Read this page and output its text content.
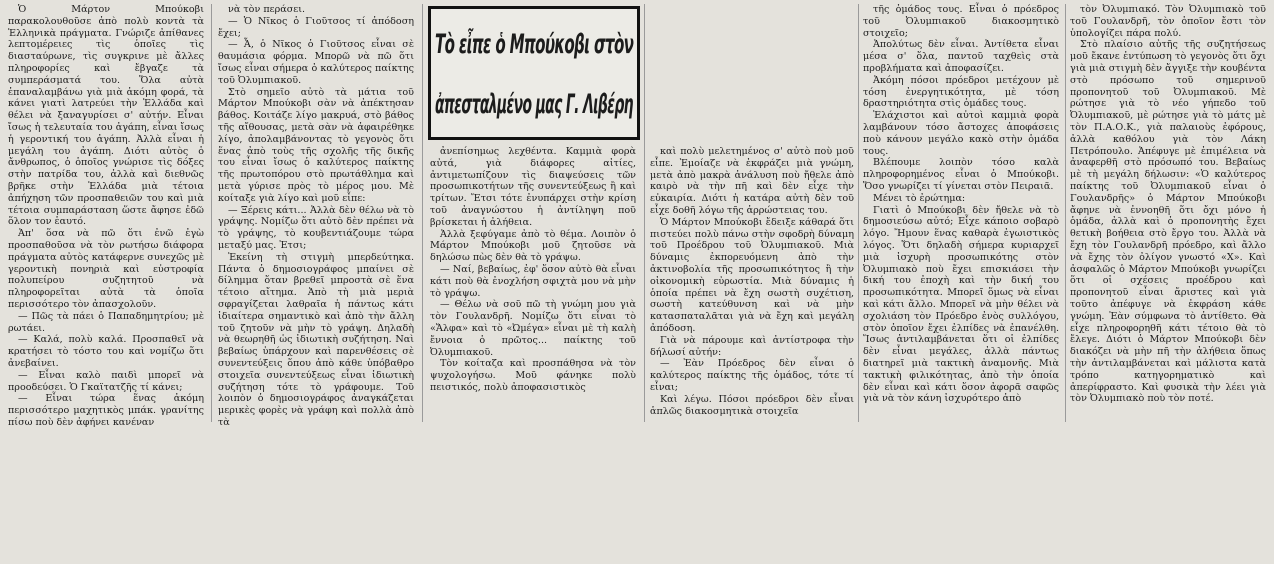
Ὁ Μάρτον Μπούκοβι παρακολουθοῦσε ἀπὸ πολὺ κοντὰ τὰ Ἑλληνικὰ πράγματα. Γνώριζε ἀπίθανες λεπτομέρειες τὶς ὁποῖες τὶς διασταύρωνε, τὶς συγκρινε μὲ ἄλλες πληροφορίες καὶ ἔβγαζε τὰ συμπεράσματά του. Ὅλα αὐτὰ ἐπαναλαμβάνω γιὰ μιὰ ἀκόμη φορά, τὰ κάνει γιατὶ λατρεύει τὴν Ἑλλάδα καὶ θέλει νὰ ξαναγυρίσει σ' αὐτήν. Εἶναι ἴσως ἡ τελευταία του ἀγάπη, εἶναι ἴσως ἡ γεροντική του ἀγάπη. Ἀλλὰ εἶναι ἡ μεγάλη του ἀγάπη. Διότι αὐτὸς ὁ ἄνθρωπος, ὁ ὁποῖος γνώρισε τὶς δόξες στὴν πατρίδα του, ἀλλὰ καὶ διεθνῶς βρῆκε στὴν Ἑλλάδα μιὰ τέτοια ἀπήχηση τῶν προσπαθειῶν του καὶ μιὰ τέτοια συμπαράσταση ὥστε ἄφησε ἐδῶ ὅλον τον ἑαυτό.

Ἀπ' ὅσα νὰ πῶ ὅτι ἐνῶ ἐγὼ προσπαθοῦσα νὰ τὸν ρωτήσω διάφορα πράγματα αὐτὸς κατάφερνε συνεχῶς μὲ γεροντικὴ πονηριὰ καὶ εὐστροφία πολυπείρου συζητητοῦ νὰ πληροφορεῖται αὐτὰ τὰ ὁποῖα περισσότερο τὸν ἀπασχολοῦν.

— Πῶς τὰ πάει ὁ Παπαδημητρίου; μὲ ρωτάει.

— Καλά, πολὺ καλά. Προσπαθεῖ νὰ κρατήσει τὸ τόστο του καὶ νομίζω ὅτι ἀνεβαίνει.

— Εἶναι καλὸ παιδὶ μπορεῖ νὰ προοδεύσει. Ὁ Γκαϊτατζῆς τί κάνει;

— Εἶναι τώρα ἕνας ἀκόμη περισσότερο μαχητικὸς μπάκ. γρανίτης πίσω ποὺ δὲν ἀφήνει κανέναν

νὰ τὸν περάσει.

— Ὁ Νῖκος ὁ Γιοῦτσος τί ἀπόδοση ἔχει;

— Ἆ, ὁ Νῖκος ὁ Γιοῦτσος εἶναι σὲ θαυμάσια φόρμα. Μπορῶ νὰ πῶ ὅτι ἴσως εἶναι σήμερα ὁ καλύτερος παίκτης τοῦ Ὀλυμπιακοῦ.

Στὸ σημεῖο αὐτὸ τὰ μάτια τοῦ Μάρτον Μπούκοβι σὰν νὰ ἀπέκτησαν βάθος. Κοιτάζε λίγο μακρυά, στὸ βάθος τῆς αἴθουσας, μετὰ σὰν νὰ ἀφαιρέθηκε λίγο, ἀπολαμβάνοντας τὸ γεγονὸς ὅτι ἕνας ἀπὸ τοὺς τῆς σχολῆς τῆς δικῆς του εἶναι ἴσως ὁ καλύτερος παίκτης τῆς πρωτοπόρου στὸ πρωτάθλημα καὶ μετὰ γύρισε πρὸς τὸ μέρος μου. Μὲ κοίταξε γιὰ λίγο καὶ μοῦ εἶπε:

— Ξέρεις κάτι... Ἀλλὰ δὲν θέλω νὰ τὸ γράψης. Νομίζω ὅτι αὐτὸ δὲν πρέπει νὰ τὸ γράψης, τὸ κουβεντιάζουμε τώρα μεταξύ μας. Ἐτσι;

Ἐκείνη τὴ στιγμὴ μπερδεύτηκα. Πάντα ὁ δημοσιογράφος μπαίνει σὲ δίλημμα ὅταν βρεθεῖ μπροστὰ σὲ ἕνα τέτοιο αἴτημα. Ἀπὸ τὴ μιὰ μεριὰ σφραγίζεται λαθραῖα ἡ πάντως κάτι ἰδιαίτερα σημαντικὸ καὶ ἀπὸ τὴν ἄλλη τοῦ ζητοῦν νὰ μὴν τὸ γράψη. Δηλαδὴ νὰ θεωρηθῆ ὡς ἰδιωτικὴ συζήτηση. Ναὶ βεβαίως ὑπάρχουν καὶ παρενθέσεις σὲ συνεντεύξεις ὅπου ἀπὸ κάθε ὑπόβαθρο στοιχεῖα συνεντεύξεως εἶναι ἰδιωτικὴ συζήτηση τότε τὸ γράφουμε. Τοῦ λοιπὸν ὁ δημοσιογράφος ἀναγκάζεται μερικὲς φορὲς νὰ γράφη καὶ πολλὰ ἀπὸ τὰ

Τὸ εἶπε ὁ Μπούκοβι στὸν
ἀπεσταλμένο μας Γ. Λιβέρη

ἀνεπίσημως λεχθέντα. Καμμιὰ φορὰ αὐτά, γιὰ διάφορες αἰτίες, ἀντιμετωπίζουν τὶς διαψεύσεις τῶν προσωπικοτήτων τῆς συνεντεύξεως ἢ καὶ τρίτων. Ἔτσι τότε ἐνυπάρχει στὴν κρίση τοῦ ἀναγνώστου ἡ ἀντίληψη ποῦ βρίσκεται ἡ ἀλήθεια.

Ἀλλὰ ξεφύγαμε ἀπὸ τὸ θέμα. Λοιπὸν ὁ Μάρτον Μπούκοβι μοῦ ζητοῦσε νὰ δηλώσω πὼς δὲν θὰ τὸ γράψω.

— Ναί, βεβαίως, ἐφ' ὅσον αὐτὸ θὰ εἶναι κάτι ποὺ θὰ ἐνοχλήση σφιχτὰ μου νὰ μὴν τὸ γράψω.

— Θέλω νὰ σοῦ πῶ τὴ γνώμη μου γιὰ τὸν Γουλανδρῆ. Νομίζω ὅτι εἶναι τὸ «Ἄλφα» καὶ τὸ «Ὠμέγα» εἶναι μὲ τὴ καλὴ ἔννοια ὁ πρῶτος... παίκτης τοῦ Ὀλυμπιακοῦ.

Τὸν κοίταζα καὶ προσπάθησα νὰ τὸν ψυχολογήσω. Μοῦ φάνηκε πολὺ πειστικός, πολὺ ἀποφασιστικὸς

καὶ πολὺ μελετημένος σ' αὐτὸ ποὺ μοῦ εἶπε. Ἐμοίαζε νὰ ἐκφράζει μιὰ γνώμη, μετὰ ἀπὸ μακρὰ ἀνάλυση ποὺ ἤθελε ἀπὸ καιρὸ νὰ τὴν πῆ καὶ δὲν εἶχε τὴν εὐκαιρία. Διότι ἡ κατάρα αὐτὴ δὲν τοῦ εἶχε δοθῆ λόγω τῆς ἀρρώστειας του.

Ὁ Μάρτον Μπούκοβι ἔδειξε κάθαρά ὅτι πιστεύει πολὺ πάνω στὴν σφοδρὴ δύναμη τοῦ Προέδρου τοῦ Ὀλυμπιακοῦ. Μιὰ δύναμις ἐκπορευόμενη ἀπὸ τὴν ἀκτινοβολία τῆς προσωπικότητος ἢ τὴν οἰκονομικὴ εὐρωστία. Μιὰ δύναμις ἡ ὁποία πρέπει νὰ ἔχη σωστὴ συχέτιση, σωστὴ κατεύθυνση καὶ νὰ μὴν κατασπαταλᾶται γιὰ νὰ ἔχη καὶ μεγάλη ἀπόδοση.

Γιὰ νὰ πάρουμε καὶ ἀντίστροφα τὴν δήλωσί αὐτήν:

— Ἐὰν Πρόεδρος δὲν εἶναι ὁ καλύτερος παίκτης τῆς ὁμάδος, τότε τί εἶναι;

Καὶ λέγω. Πόσοι πρόεδροι δὲν εἶναι ἁπλῶς διακοσμητικὰ στοιχεῖα

τῆς ὁμάδος τους. Εἶναι ὁ πρόεδρος τοῦ Ὀλυμπιακοῦ διακοσμητικὸ στοιχεῖο;

Ἀπολύτως δὲν εἶναι. Ἀντίθετα εἶναι μέσα σ' ὅλα, παντοῦ ταχθεὶς στὰ προβλήματα καὶ ἀποφασίζει.

Ἀκόμη πόσοι πρόεδροι μετέχουν μὲ τόση ἐνεργητικότητα, μὲ τόση δραστηριότητα στὶς ὁμάδες τους.

Ἐλάχιστοι καὶ αὐτοὶ καμμιὰ φορὰ λαμβάνουν τόσο ἄστοχες ἀποφάσεις ποὺ κάνουν μεγάλο κακὸ στὴν ὁμάδα τους.

Βλέπουμε λοιπὸν τόσο καλὰ πληροφορημένος εἶναι ὁ Μπούκοβι. Ὅσο γνωρίζει τί γίνεται στὸν Πειραιᾶ.

Μένει τὸ ἐρώτημα:

Γιατὶ ὁ Μπούκοβι δὲν ἤθελε νὰ τὸ δημοσιεύσω αὐτό; Εἶχε κάποιο σοβαρὸ λόγο. Ἤμουν ἕνας καθαρὰ ἐγωιστικὸς λόγος. Ὅτι δηλαδὴ σήμερα κυριαρχεῖ μιὰ ἰσχυρὴ προσωπικότης στὸν Ὀλυμπιακὸ ποὺ ἔχει επισκιάσει τὴν δική του ἐποχὴ καὶ τὴν δική του προσωπικότητα. Μπορεῖ ὅμως νὰ εἶναι καὶ κάτι ἄλλο. Μπορεῖ νὰ μὴν θέλει νὰ σχολιάση τὸν Πρόεδρο ἐνὸς συλλόγου, στὸν ὁποῖον ἔχει ἐλπίδες νὰ ἐπανέλθη. Ἴσως ἀντιλαμβάνεται ὅτι οἱ ἐλπίδες δὲν εἶναι μεγάλες, ἀλλὰ πάντως διατηρεῖ μιὰ τακτικὴ ἀναμονῆς. Μιὰ τακτικὴ φιλικότητας, ἀπὸ τὴν ὁποία δὲν εἶναι καὶ κάτι ὅσον ἀφορᾶ σαφῶς γιὰ νὰ τὸν κάνη ἰσχυρότερο ἀπὸ

τὸν Ὀλυμπιακό. Τὸν Ὀλυμπιακὸ τοῦ τοῦ Γουλανδρῆ, τὸν ὁποῖον ἔστι τὸν ὑπολογίζει πάρα πολύ.

Στὸ πλαίσιο αὐτῆς τῆς συζητήσεως μοῦ ἔκανε ἐντύπωση τὸ γεγονὸς ὅτι ὄχι γιὰ μιὰ στιγμὴ δὲν ἄγγιξε τὴν κουβέντα στὸ πρόσωπο τοῦ σημερινοῦ προπονητοῦ τοῦ Ὀλυμπιακοῦ. Μὲ ρώτησε γιὰ τὸ νέο γήπεδο τοῦ Ὀλυμπιακοῦ, μὲ ρώτησε γιὰ τὸ μάτς μὲ τὸν Π.Α.Ο.Κ., γιὰ παλαιοὺς ἐφόρους, ἀλλὰ καθόλου γιὰ τὸν Λάκη Πετρόπουλο. Ἀπέφυγε μὲ ἐπιμέλεια νὰ ἀναφερθῆ στὸ πρόσωπό του. Βεβαίως μὲ τὴ μεγάλη δήλωσιν: «Ὁ καλύτερος παίκτης τοῦ Ὀλυμπιακοῦ εἶναι ὁ Γουλανδρῆς» ὁ Μάρτον Μπούκοβι ἄφηνε νὰ ἐννοηθῆ ὅτι ὄχι μόνο ἡ ὁμάδα, ἀλλὰ καὶ ὁ προπονητὴς ἔχει θετικὴ βοήθεια στὸ ἔργο του. Ἀλλὰ νὰ ἔχη τὸν Γουλανδρῆ πρόεδρο, καὶ ἄλλο νὰ ἔχης τὸν ὀλίγον γνωστό «Χ». Καὶ ἀσφαλῶς ὁ Μάρτον Μπούκοβι γνωρίζει ὅτι οἱ σχέσεις προέδρου καὶ προπονητοῦ εἶναι ἄριστες καὶ γιὰ τοῦτο ἀπέφυγε νὰ ἐκφράση κάθε γνώμη. Ἐὰν σύμφωνα τὸ ἀντίθετο. Θὰ εἶχε πληροφορηθῆ κάτι τέτοιο θὰ τὸ ἔλεγε. Διότι ὁ Μάρτον Μπούκοβι δὲν διακόζει νὰ μὴν πῆ τὴν ἀλήθεια ὅπως τὴν ἀντιλαμβάνεται καὶ μάλιστα κατὰ τρόπο κατηγορηματικὸ καὶ ἀπερίφραστο. Καὶ φυσικὰ τὴν λέει γιὰ τὸν Ὀλυμπιακὸ ποὺ τὸν ποτέ.
